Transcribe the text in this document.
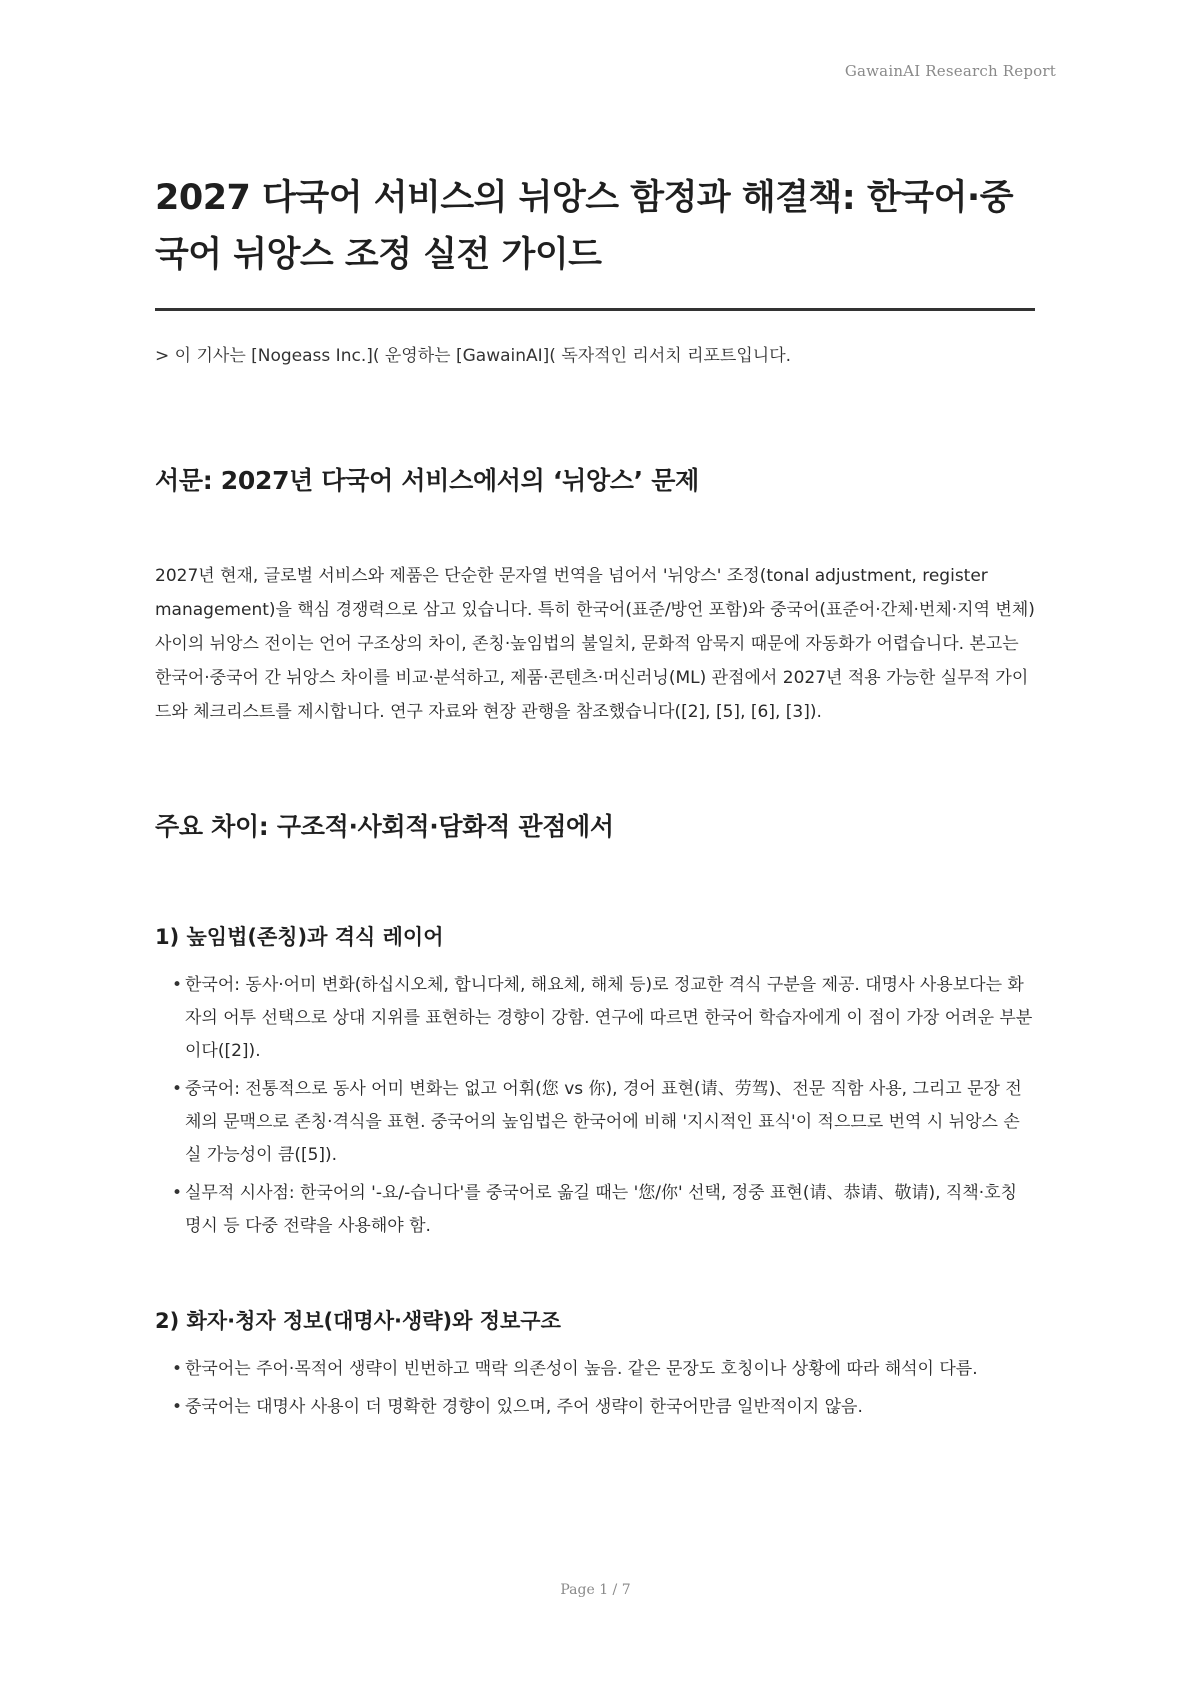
GawainAI Research Report
2027 다국어 서비스의 뉘앙스 함정과 해결책: 한국어·중국어 뉘앙스 조정 실전 가이드
> 이 기사는 [Nogeass Inc.]( 운영하는 [GawainAI]( 독자적인 리서치 리포트입니다.
서문: 2027년 다국어 서비스에서의 ‘뉘앙스’ 문제

2027년 현재, 글로벌 서비스와 제품은 단순한 문자열 번역을 넘어서 '뉘앙스' 조정(tonal adjustment, register management)을 핵심 경쟁력으로 삼고 있습니다. 특히 한국어(표준/방언 포함)와 중국어(표준어·간체·번체·지역 변체) 사이의 뉘앙스 전이는 언어 구조상의 차이, 존칭·높임법의 불일치, 문화적 암묵지 때문에 자동화가 어렵습니다. 본고는 한국어·중국어 간 뉘앙스 차이를 비교·분석하고, 제품·콘텐츠·머신러닝(ML) 관점에서 2027년 적용 가능한 실무적 가이드와 체크리스트를 제시합니다. 연구 자료와 현장 관행을 참조했습니다([2], [5], [6], [3]).

주요 차이: 구조적·사회적·담화적 관점에서
1) 높임법(존칭)과 격식 레이어
• 한국어: 동사·어미 변화(하십시오체, 합니다체, 해요체, 해체 등)로 정교한 격식 구분을 제공. 대명사 사용보다는 화자의 어투 선택으로 상대 지위를 표현하는 경향이 강함. 연구에 따르면 한국어 학습자에게 이 점이 가장 어려운 부분이다([2]).
• 중국어: 전통적으로 동사 어미 변화는 없고 어휘(您 vs 你), 경어 표현(请、劳驾)、전문 직함 사용, 그리고 문장 전체의 문맥으로 존칭·격식을 표현. 중국어의 높임법은 한국어에 비해 '지시적인 표식'이 적으므로 번역 시 뉘앙스 손실 가능성이 큼([5]).
• 실무적 시사점: 한국어의 '-요/-습니다'를 중국어로 옮길 때는 '您/你' 선택, 정중 표현(请、恭请、敬请), 직책·호칭 명시 등 다중 전략을 사용해야 함.
2) 화자·청자 정보(대명사·생략)와 정보구조
• 한국어는 주어·목적어 생략이 빈번하고 맥락 의존성이 높음. 같은 문장도 호칭이나 상황에 따라 해석이 다름.
• 중국어는 대명사 사용이 더 명확한 경향이 있으며, 주어 생략이 한국어만큼 일반적이지 않음.
Page 1 / 7
